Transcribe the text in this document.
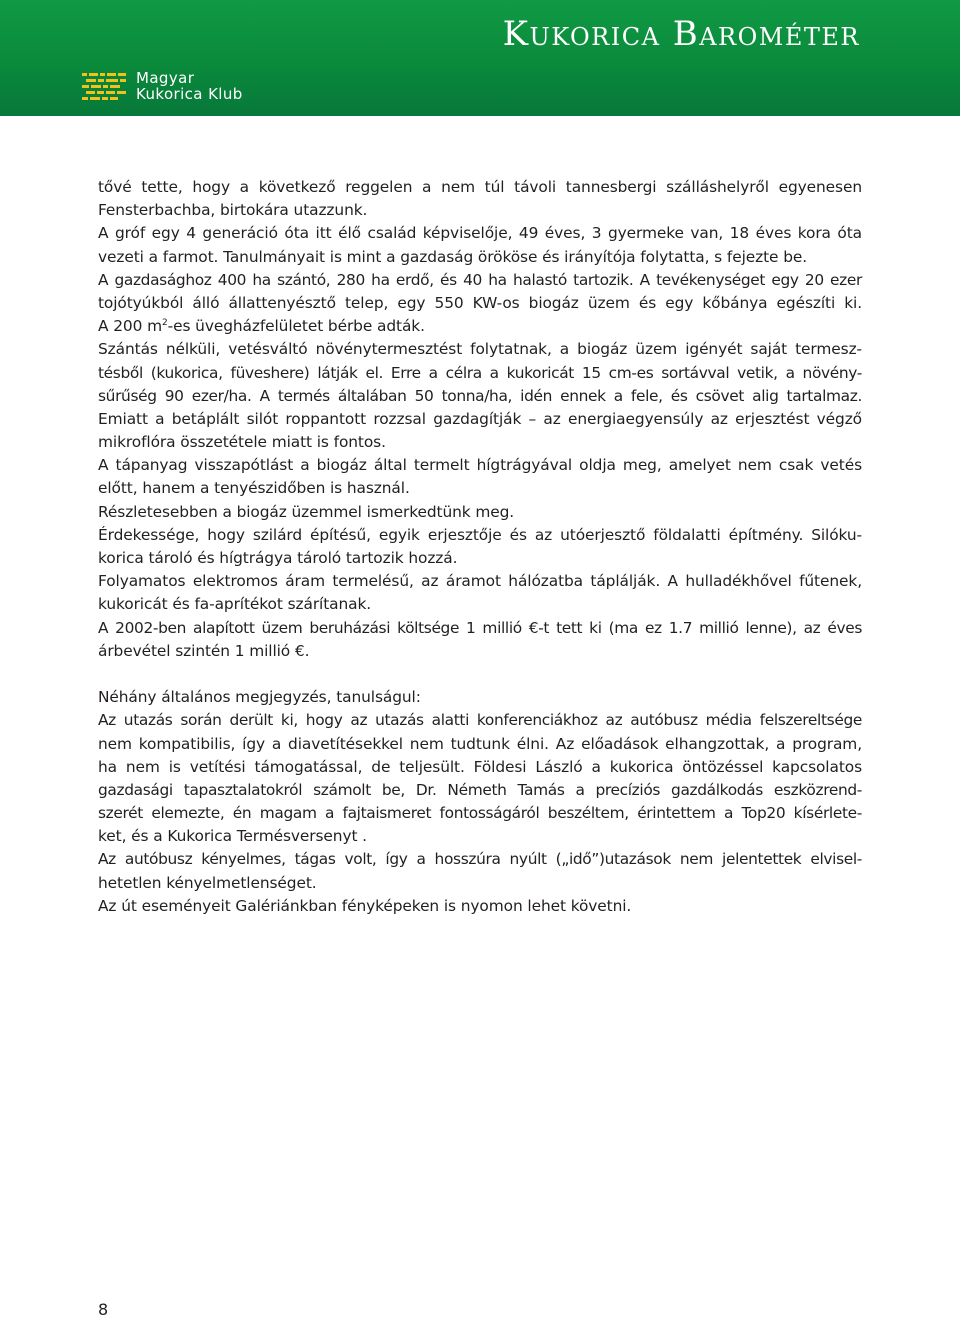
Kukorica Barométer
Magyar
Kukorica Klub
tővé tette, hogy a következő reggelen a nem túl távoli tannesbergi szálláshelyről egyenesen
Fensterbachba, birtokára utazzunk.
A gróf egy 4 generáció óta itt élő család képviselője, 49 éves, 3 gyermeke van, 18 éves kora óta
vezeti a farmot. Tanulmányait is mint a gazdaság örököse és irányítója folytatta, s fejezte be.
A gazdasághoz 400 ha szántó, 280 ha erdő, és 40 ha halastó tartozik. A tevékenységet egy 20 ezer
tojótyúkból álló állattenyésztő telep, egy 550 KW-os biogáz üzem és egy kőbánya egészíti ki.
A 200 $m^2-es$ üvegházfelületet bérbe adták.
Szántás nélküli, vetésváltó növénytermesztést folytatnak, a biogáz üzem igényét saját termesz-
tésből (kukorica, füveshere) látják el. Erre a célra a kukoricát 15 cm-es sortávval vetik, a növény-
sűrűség 90 ezer/ha. A termés általában 50 tonna/ha, idén ennek a fele, és csövet alig tartalmaz.
Emiatt a betáplált silót roppantott rozzsal gazdagítják – az energiaegyensúly az erjesztést végző
mikroflóra összetétele miatt is fontos.
A tápanyag visszapótlást a biogáz által termelt hígtrágyával oldja meg, amelyet nem csak vetés
előtt, hanem a tenyészidőben is használ.
Részletesebben a biogáz üzemmel ismerkedtünk meg.
Érdekessége, hogy szilárd építésű, egyik erjesztője és az utóerjesztő földalatti építmény. Silóku-
korica tároló és hígtrágya tároló tartozik hozzá.
Folyamatos elektromos áram termelésű, az áramot hálózatba táplálják. A hulladékhővel fűtenek,
kukoricát és fa-aprítékot szárítanak.
A 2002-ben alapított üzem beruházási költsége 1 millió €-t tett ki (ma ez 1.7 millió lenne), az éves
árbevétel szintén 1 millió €.
Néhány általános megjegyzés, tanulságul:
Az utazás során derült ki, hogy az utazás alatti konferenciákhoz az autóbusz média felszereltsége
nem kompatibilis, így a diavetítésekkel nem tudtunk élni. Az előadások elhangzottak, a program,
ha nem is vetítési támogatással, de teljesült. Földesi László a kukorica öntözéssel kapcsolatos
gazdasági tapasztalatokról számolt be, Dr. Németh Tamás a precíziós gazdálkodás eszközrend-
szerét elemezte, én magam a fajtaismeret fontosságáról beszéltem, érintettem a Top20 kísérlete-
ket, és a Kukorica Termésversenyt .
Az autóbusz kényelmes, tágas volt, így a hosszúra nyúlt („idő”)utazások nem jelentettek elvisel-
hetetlen kényelmetlenséget.
Az út eseményeit Galériánkban fényképeken is nyomon lehet követni.
8
